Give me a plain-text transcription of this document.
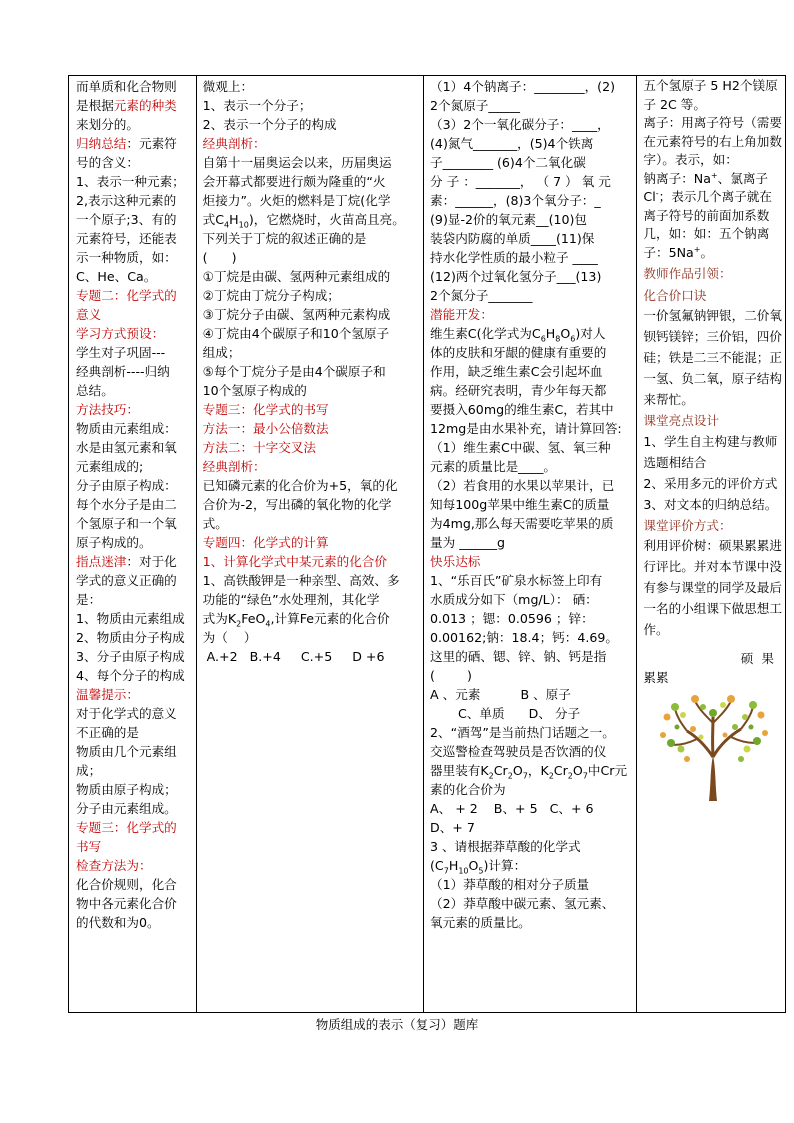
而单质和化合物则
是根据元素的种类
来划分的。
归纳总结：元素符
号的含义：
1、表示一种元素；
2,表示这种元素的
一个原子;3、有的
元素符号，还能表
示一种物质，如：
C、He、Ca。
专题二：化学式的
意义
学习方式预设：
学生对子巩固---
经典剖析----归纳
总结。
方法技巧：
物质由元素组成：
水是由氢元素和氧
元素组成的;
分子由原子构成：
每个水分子是由二
个氢原子和一个氧
原子构成的。
指点迷津：对于化
学式的意义正确的
是：
1、物质由元素组成
2、物质由分子构成
3、分子由原子构成
4、每个分子的构成
温馨提示：
对于化学式的意义
不正确的是
物质由几个元素组
成；
物质由原子构成；
分子由元素组成。
专题三：化学式的
书写
检查方法为：
化合价规则，化合
物中各元素化合价
的代数和为0。
微观上：
1、表示一个分子；
2、表示一个分子的构成
经典剖析：
自第十一届奥运会以来，历届奥运
会开幕式都要进行颇为隆重的“火
炬接力”。火炬的燃料是丁烷(化学
式$C_4H_{10}$)，它燃烧时，火苗高且亮。
下列关于丁烷的叙述正确的是
(      )
①丁烷是由碳、氢两种元素组成的
②丁烷由丁烷分子构成；
③丁烷分子由碳、氢两种元素构成
④丁烷由4个碳原子和10个氢原子
组成；
⑤每个丁烷分子是由4个碳原子和
10个氢原子构成的
专题三：化学式的书写
方法一：最小公倍数法
方法二：十字交叉法
经典剖析：
已知磷元素的化合价为+5，氧的化
合价为-2，写出磷的氧化物的化学
式。
专题四：化学式的计算
1、计算化学式中某元素的化合价
1、高铁酸钾是一种亲型、高效、多
功能的“绿色”水处理剂，其化学
式为$K_2FeO_4$,计算Fe元素的化合价
为（    ）
A.+2   B.+4     C.+5     D +6
（1）4个钠离子：________，(2)
2个氮原子_____
（3）2个一氧化碳分子：____，
(4)氮气_______，(5)4个铁离
子________ (6)4个二氧化碳
分 子 ：_______， （ 7 ） 氧 元
素：______，(8)3个氧分子：_
(9)显-2价的氧元素__(10)包
装袋内防腐的单质____(11)保
持水化学性质的最小粒子 ____
(12)两个过氧化氢分子___(13)
2个氮分子_______
潜能开发：
维生素C(化学式为$C_6H_8O_6$)对人
体的皮肤和牙龈的健康有重要的
作用，缺乏维生素C会引起坏血
病。经研究表明，青少年每天都
要摄入60mg的维生素C，若其中
12mg是由水果补充，请计算回答:
（1）维生素C中碳、氢、氧三种
元素的质量比是____。
（2）若食用的水果以苹果计，已
知每100g苹果中维生素C的质量
为4mg,那么每天需要吃苹果的质
量为 ______g
快乐达标
1、“乐百氏”矿泉水标签上印有
水质成分如下（mg/L）： 硒：
0.013 ；锶：0.0596 ；锌：
0.00162;钠：18.4；钙：4.69。
这里的硒、锶、锌、钠、钙是指
(        )
A 、元素          B 、原子
C、单质      D、 分子
2、“酒驾”是当前热门话题之一。
交巡警检查驾驶员是否饮酒的仪
器里装有$K_2Cr_2O_7$，$K_2Cr_2O_7$中Cr元
素的化合价为
A、 + 2    B、+ 5   C、+ 6
D、+ 7
3 、请根据莽草酸的化学式
$(C_7H_{10}O_5)$计算：
（1）莽草酸的相对分子质量
（2）莽草酸中碳元素、氢元素、
氧元素的质量比。
五个氢原子 5 H2个镁原子 2C 等。
离子：用离子符号（需要在元素符号的右上角加数字）。表示，如：
钠离子：Na+、氯离子 Cl-；表示几个离子就在离子符号的前面加系数几，如：如：五个钠离子：5Na+。
教师作品引领：
化合价口诀
一价氢氟钠钾银，二价氧钡钙镁锌；三价铝，四价硅；铁是二三不能混；正一氢、负二氧，原子结构来帮忙。
课堂亮点设计
1、学生自主构建与教师选题相结合
2、采用多元的评价方式
3、对文本的归纳总结。
课堂评价方式：
利用评价树：硕果累累进行评比。并对本节课中没有参与课堂的同学及最后一名的小组课下做思想工作。
硕 果
累累
物质组成的表示（复习）题库
